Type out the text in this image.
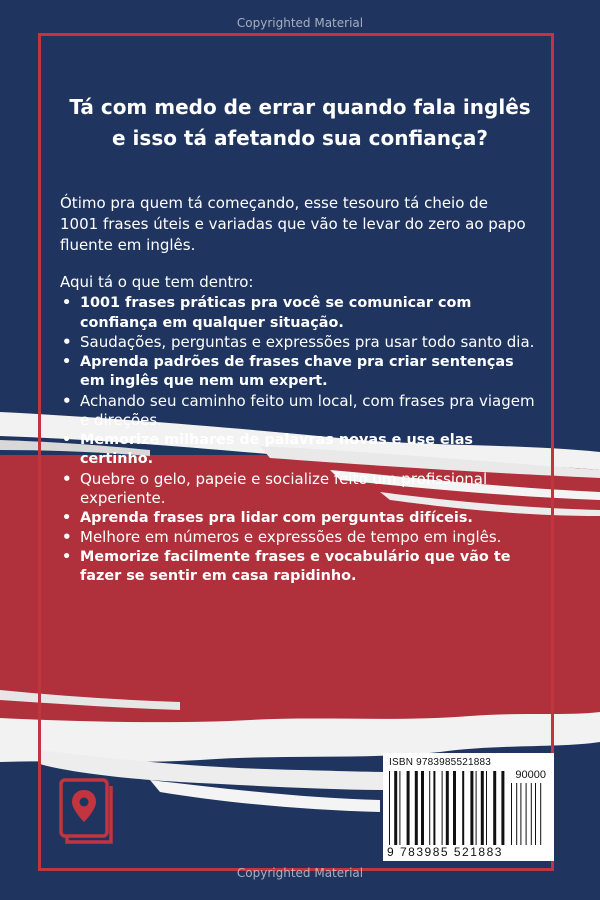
Copyrighted Material
Tá com medo de errar quando fala inglês e isso tá afetando sua confiança?
Ótimo pra quem tá começando, esse tesouro tá cheio de 1001 frases úteis e variadas que vão te levar do zero ao papo fluente em inglês.
Aqui tá o que tem dentro:
• 1001 frases práticas pra você se comunicar com confiança em qualquer situação.
• Saudações, perguntas e expressões pra usar todo santo dia.
• Aprenda padrões de frases chave pra criar sentenças em inglês que nem um expert.
• Achando seu caminho feito um local, com frases pra viagem e direções.
• Memorize milhares de palavras novas e use elas certinho.
• Quebre o gelo, papeie e socialize feito um profissional experiente.
• Aprenda frases pra lidar com perguntas difíceis.
• Melhore em números e expressões de tempo em inglês.
• Memorize facilmente frases e vocabulário que vão te fazer se sentir em casa rapidinho.
ISBN 9783985521883
90000
9 783985 521883
Copyrighted Material
